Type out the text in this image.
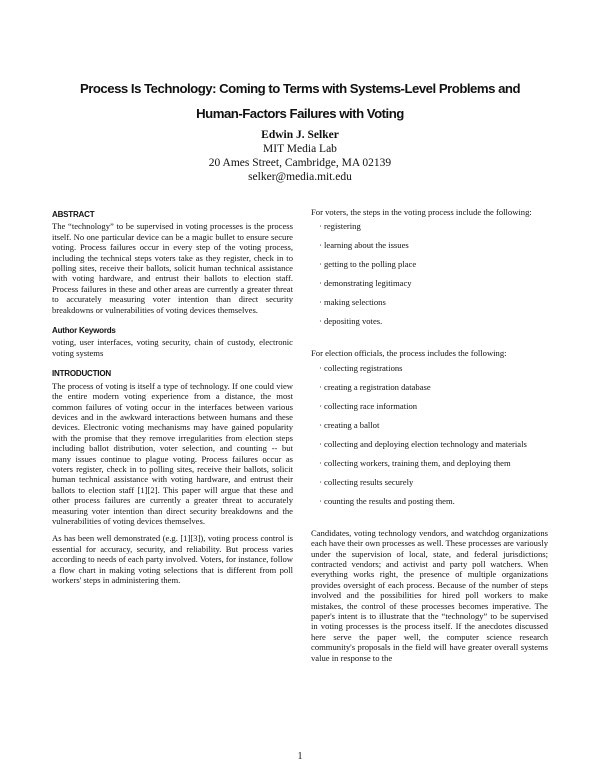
Process Is Technology: Coming to Terms with Systems-Level Problems and
Human-Factors Failures with Voting
Edwin J. Selker
MIT Media Lab
20 Ames Street, Cambridge, MA 02139
selker@media.mit.edu
ABSTRACT

The “technology” to be supervised in voting processes is the process itself. No one particular device can be a magic bullet to ensure secure voting. Process failures occur in every step of the voting process, including the technical steps voters take as they register, check in to polling sites, receive their ballots, solicit human technical assistance with voting hardware, and entrust their ballots to election staff. Process failures in these and other areas are currently a greater threat to accurately measuring voter intention than direct security breakdowns or vulnerabilities of voting devices themselves.

Author Keywords

voting, user interfaces, voting security, chain of custody, electronic voting systems

INTRODUCTION

The process of voting is itself a type of technology. If one could view the entire modern voting experience from a distance, the most common failures of voting occur in the interfaces between various devices and in the awkward interactions between humans and these devices. Electronic voting mechanisms may have gained popularity with the promise that they remove irregularities from election steps including ballot distribution, voter selection, and counting -- but many issues continue to plague voting. Process failures occur as voters register, check in to polling sites, receive their ballots, solicit human technical assistance with voting hardware, and entrust their ballots to election staff [1][2]. This paper will argue that these and other process failures are currently a greater threat to accurately measuring voter intention than direct security breakdowns and the vulnerabilities of voting devices themselves.

As has been well demonstrated (e.g. [1][3]), voting process control is essential for accuracy, security, and reliability. But process varies according to needs of each party involved. Voters, for instance, follow a flow chart in making voting selections that is different from poll workers' steps in administering them.

For voters, the steps in the voting process include the following:

· registering
· learning about the issues
· getting to the polling place
· demonstrating legitimacy
· making selections
· depositing votes.

For election officials, the process includes the following:

· collecting registrations
· creating a registration database
· collecting race information
· creating a ballot
· collecting and deploying election technology and materials
· collecting workers, training them, and deploying them
· collecting results securely
· counting the results and posting them.

Candidates, voting technology vendors, and watchdog organizations each have their own processes as well. These processes are variously under the supervision of local, state, and federal jurisdictions; contracted vendors; and activist and party poll watchers. When everything works right, the presence of multiple organizations provides oversight of each process. Because of the number of steps involved and the possibilities for hired poll workers to make mistakes, the control of these processes becomes imperative. The paper's intent is to illustrate that the “technology” to be supervised in voting processes is the process itself. If the anecdotes discussed here serve the paper well, the computer science research community's proposals in the field will have greater overall systems value in response to the

1
